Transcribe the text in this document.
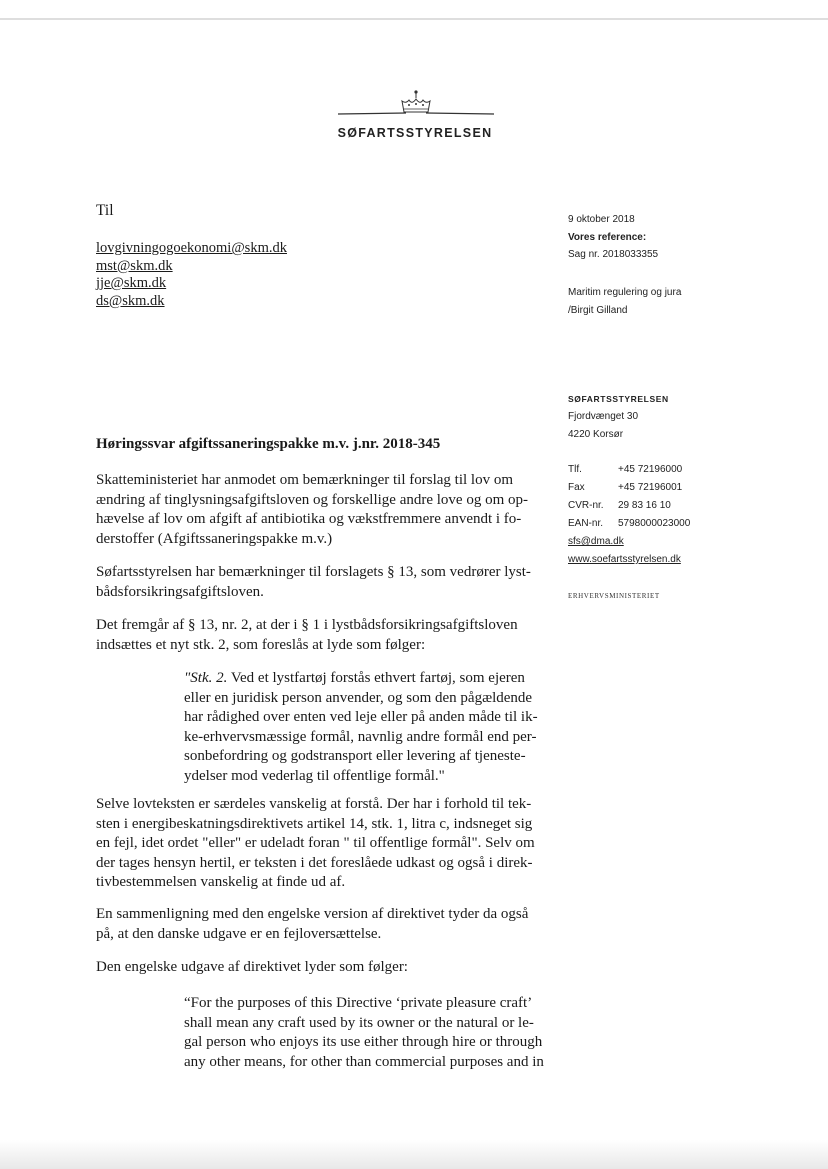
SØFARTSSTYRELSEN
Til
lovgivningogoekonomi@skm.dk
mst@skm.dk
jje@skm.dk
ds@skm.dk
9 oktober 2018
Vores reference:
Sag nr. 2018033355
Maritim regulering og jura
/Birgit Gilland
SØFARTSSTYRELSEN
Fjordvænget 30
4220 Korsør
Tlf.	+45 72196000
Fax	+45 72196001
CVR-nr.	29 83 16 10
EAN-nr.	5798000023000
sfs@dma.dk
www.soefartsstyrelsen.dk
ERHVERVSMINISTERIET
Høringssvar afgiftssaneringspakke m.v. j.nr. 2018-345
Skatteministeriet har anmodet om bemærkninger til forslag til lov om
ændring af tinglysningsafgiftsloven og forskellige andre love og om op-
hævelse af lov om afgift af antibiotika og vækstfremmere anvendt i fo-
derstoffer (Afgiftssaneringspakke m.v.)
Søfartsstyrelsen har bemærkninger til forslagets § 13, som vedrører lyst-
bådsforsikringsafgiftsloven.
Det fremgår af § 13, nr. 2, at der i § 1 i lystbådsforsikringsafgiftsloven
indsættes et nyt stk. 2, som foreslås at lyde som følger:
"Stk. 2. Ved et lystfartøj forstås ethvert fartøj, som ejeren
eller en juridisk person anvender, og som den pågældende
har rådighed over enten ved leje eller på anden måde til ik-
ke-erhvervsmæssige formål, navnlig andre formål end per-
sonbefordring og godstransport eller levering af tjeneste-
ydelser mod vederlag til offentlige formål."
Selve lovteksten er særdeles vanskelig at forstå. Der har i forhold til tek-
sten i energibeskatningsdirektivets artikel 14, stk. 1, litra c, indsneget sig
en fejl, idet ordet "eller" er udeladt foran " til offentlige formål". Selv om
der tages hensyn hertil, er teksten i det foreslåede udkast og også i direk-
tivbestemmelsen vanskelig at finde ud af.
En sammenligning med den engelske version af direktivet tyder da også
på, at den danske udgave er en fejloversættelse.
Den engelske udgave af direktivet lyder som følger:
“For the purposes of this Directive ‘private pleasure craft’
shall mean any craft used by its owner or the natural or le-
gal person who enjoys its use either through hire or through
any other means, for other than commercial purposes and in
